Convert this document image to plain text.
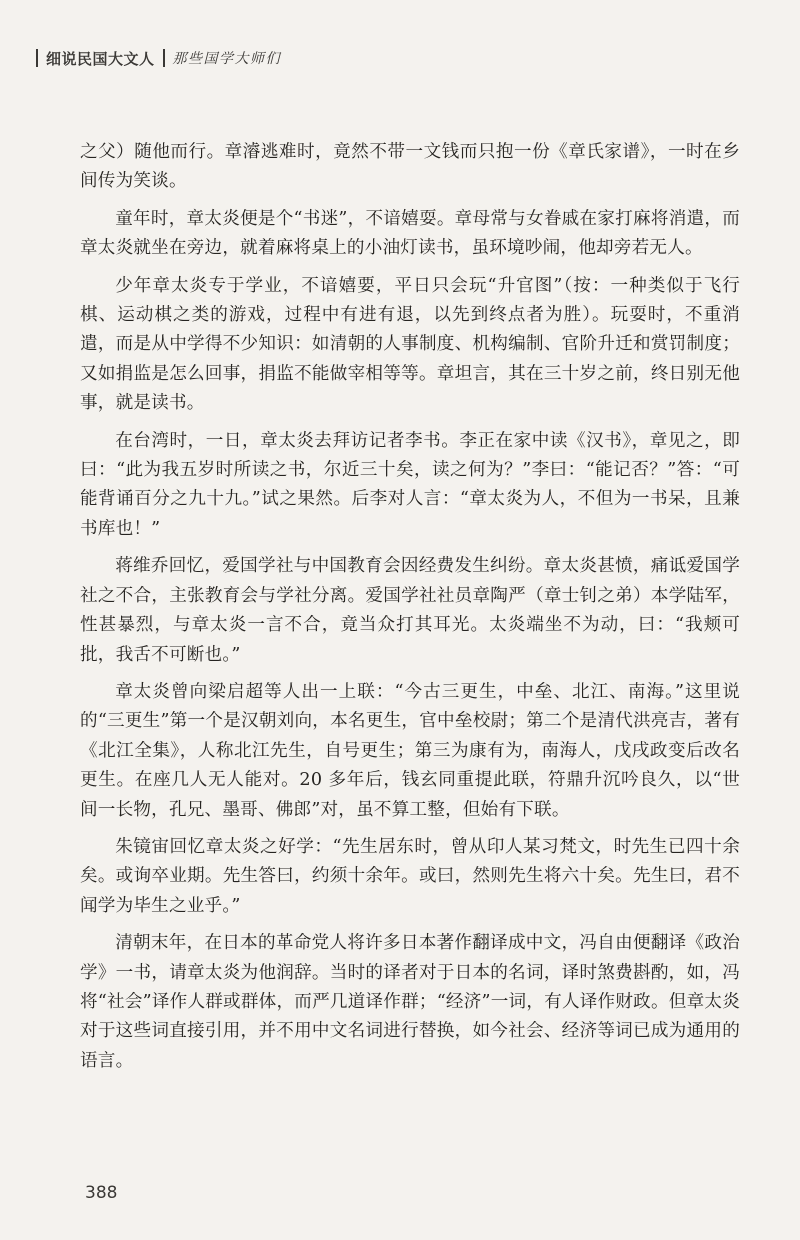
细说民国大文人 那些国学大师们

之父）随他而行。章濬逃难时，竟然不带一文钱而只抱一份《章氏家谱》，一时在乡间传为笑谈。

童年时，章太炎便是个“书迷”，不谙嬉耍。章母常与女眷戚在家打麻将消遣，而章太炎就坐在旁边，就着麻将桌上的小油灯读书，虽环境吵闹，他却旁若无人。

少年章太炎专于学业，不谙嬉要，平日只会玩“升官图”（按：一种类似于飞行棋、运动棋之类的游戏，过程中有进有退，以先到终点者为胜）。玩耍时，不重消遣，而是从中学得不少知识：如清朝的人事制度、机构编制、官阶升迁和赏罚制度；又如捐监是怎么回事，捐监不能做宰相等等。章坦言，其在三十岁之前，终日别无他事，就是读书。

在台湾时，一日，章太炎去拜访记者李书。李正在家中读《汉书》，章见之，即曰：“此为我五岁时所读之书，尔近三十矣，读之何为？”李曰：“能记否？”答：“可能背诵百分之九十九。”试之果然。后李对人言：“章太炎为人，不但为一书呆，且兼书库也！”

蒋维乔回忆，爱国学社与中国教育会因经费发生纠纷。章太炎甚愤，痛诋爱国学社之不合，主张教育会与学社分离。爱国学社社员章陶严（章士钊之弟）本学陆军，性甚暴烈，与章太炎一言不合，竟当众打其耳光。太炎端坐不为动，曰：“我颊可批，我舌不可断也。”

章太炎曾向梁启超等人出一上联：“今古三更生，中垒、北江、南海。”这里说的“三更生”第一个是汉朝刘向，本名更生，官中垒校尉；第二个是清代洪亮吉，著有《北江全集》，人称北江先生，自号更生；第三为康有为，南海人，戊戌政变后改名更生。在座几人无人能对。20 多年后，钱玄同重提此联，符鼎升沉吟良久，以“世间一长物，孔兄、墨哥、佛郎”对，虽不算工整，但始有下联。

朱镜宙回忆章太炎之好学：“先生居东时，曾从印人某习梵文，时先生已四十余矣。或询卒业期。先生答曰，约须十余年。或曰，然则先生将六十矣。先生曰，君不闻学为毕生之业乎。”

清朝末年，在日本的革命党人将许多日本著作翻译成中文，冯自由便翻译《政治学》一书，请章太炎为他润辞。当时的译者对于日本的名词，译时煞费斟酌，如，冯将“社会”译作人群或群体，而严几道译作群；“经济”一词，有人译作财政。但章太炎对于这些词直接引用，并不用中文名词进行替换，如今社会、经济等词已成为通用的语言。

388
